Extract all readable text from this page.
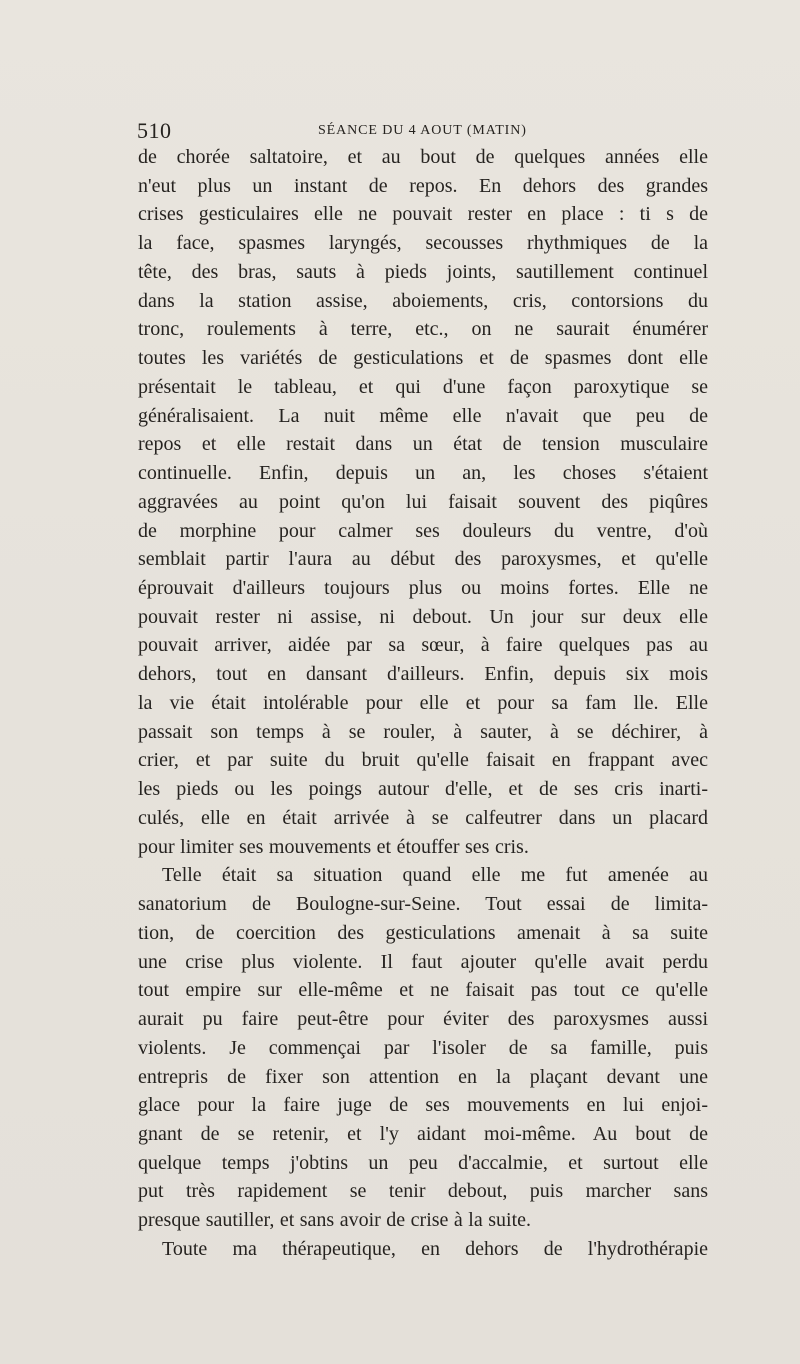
510	SÉANCE DU 4 AOUT (MATIN)
de chorée saltatoire, et au bout de quelques années elle
n'eut plus un instant de repos. En dehors des grandes
crises gesticulaires elle ne pouvait rester en place : ti s de
la face, spasmes laryngés, secousses rhythmiques de la
tête, des bras, sauts à pieds joints, sautillement continuel
dans la station assise, aboiements, cris, contorsions du
tronc, roulements à terre, etc., on ne saurait énumérer
toutes les variétés de gesticulations et de spasmes dont elle
présentait le tableau, et qui d'une façon paroxytique se
généralisaient. La nuit même elle n'avait que peu de
repos et elle restait dans un état de tension musculaire
continuelle. Enfin, depuis un an, les choses s'étaient
aggravées au point qu'on lui faisait souvent des piqûres
de morphine pour calmer ses douleurs du ventre, d'où
semblait partir l'aura au début des paroxysmes, et qu'elle
éprouvait d'ailleurs toujours plus ou moins fortes. Elle ne
pouvait rester ni assise, ni debout. Un jour sur deux elle
pouvait arriver, aidée par sa sœur, à faire quelques pas au
dehors, tout en dansant d'ailleurs. Enfin, depuis six mois
la vie était intolérable pour elle et pour sa fam lle. Elle
passait son temps à se rouler, à sauter, à se déchirer, à
crier, et par suite du bruit qu'elle faisait en frappant avec
les pieds ou les poings autour d'elle, et de ses cris inarti-
culés, elle en était arrivée à se calfeutrer dans un placard
pour limiter ses mouvements et étouffer ses cris.
Telle était sa situation quand elle me fut amenée au
sanatorium de Boulogne-sur-Seine. Tout essai de limita-
tion, de coercition des gesticulations amenait à sa suite
une crise plus violente. Il faut ajouter qu'elle avait perdu
tout empire sur elle-même et ne faisait pas tout ce qu'elle
aurait pu faire peut-être pour éviter des paroxysmes aussi
violents. Je commençai par l'isoler de sa famille, puis
entrepris de fixer son attention en la plaçant devant une
glace pour la faire juge de ses mouvements en lui enjoi-
gnant de se retenir, et l'y aidant moi-même. Au bout de
quelque temps j'obtins un peu d'accalmie, et surtout elle
put très rapidement se tenir debout, puis marcher sans
presque sautiller, et sans avoir de crise à la suite.
Toute ma thérapeutique, en dehors de l'hydrothérapie
